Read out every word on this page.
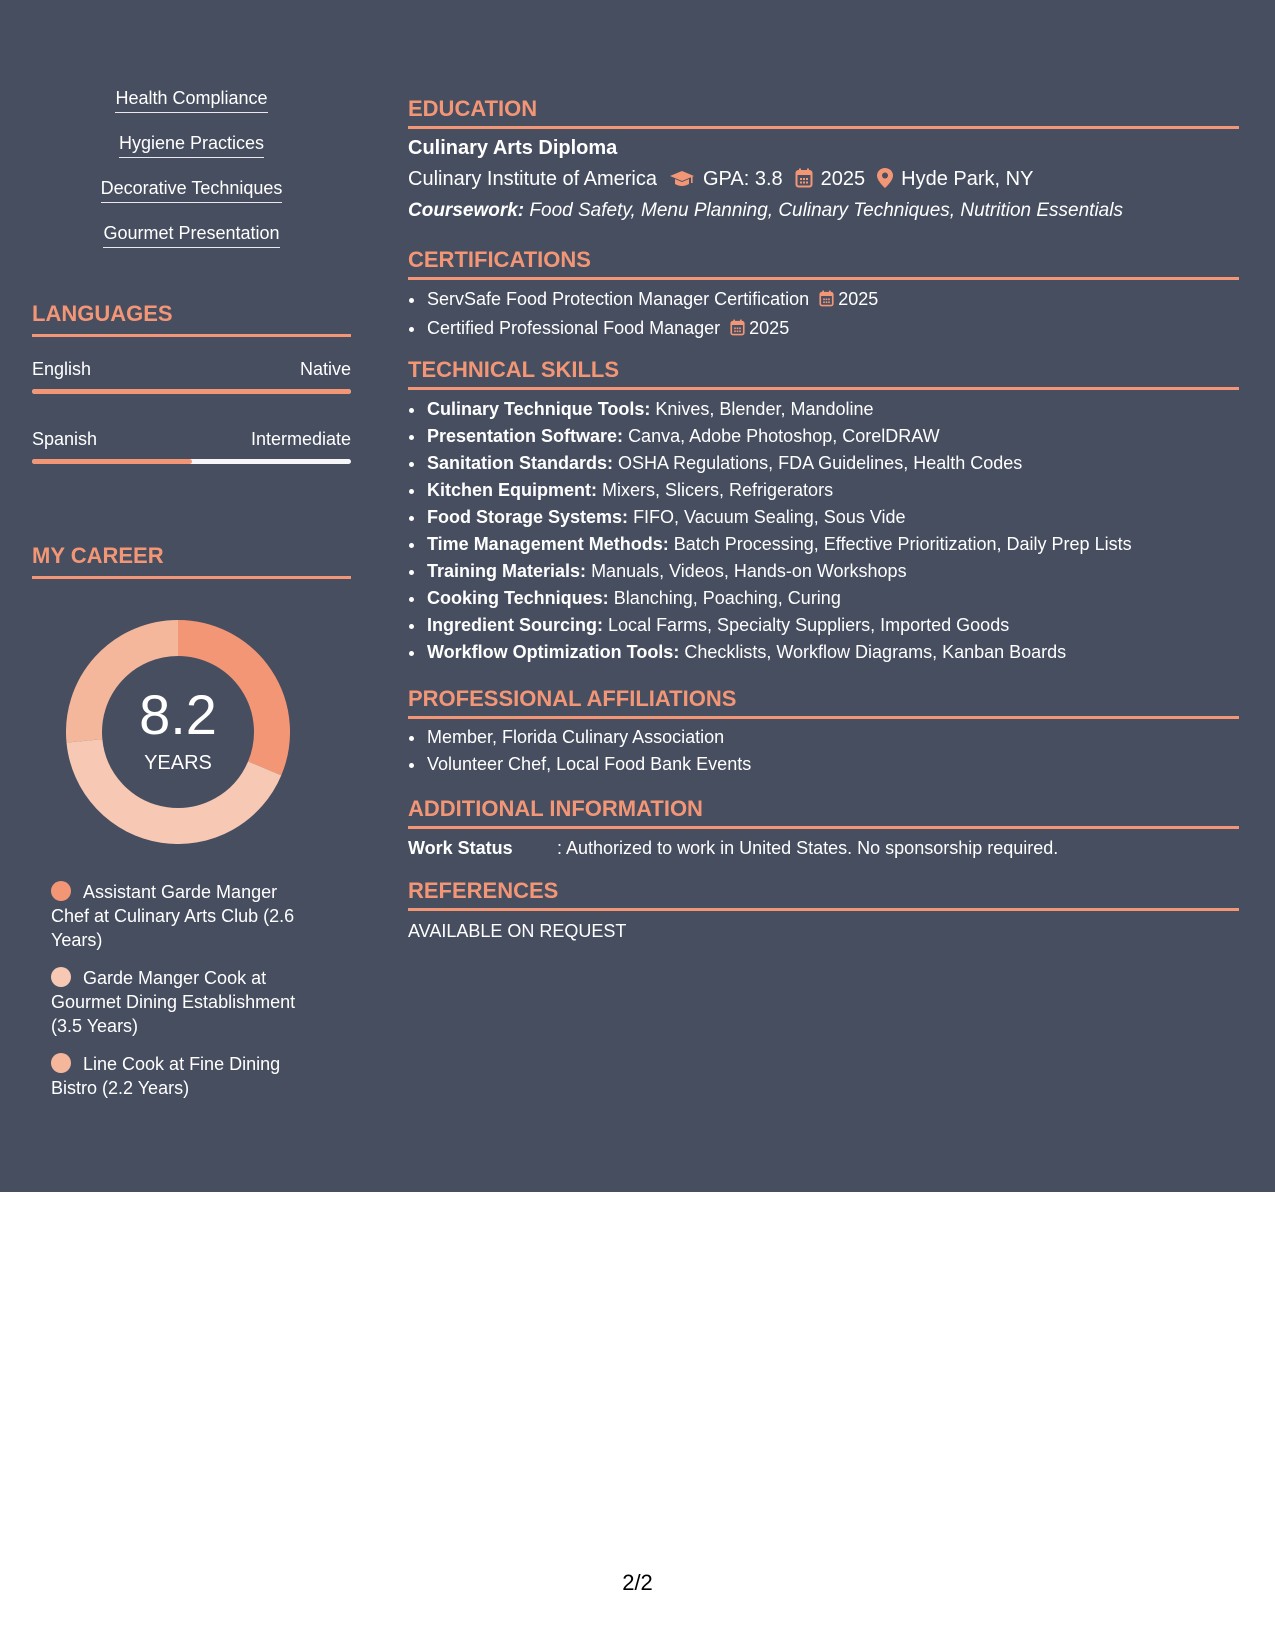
Health Compliance
Hygiene Practices
Decorative Techniques
Gourmet Presentation
LANGUAGES
English	Native
Spanish	Intermediate
MY CAREER
8.2
YEARS
Assistant Garde Manger Chef at Culinary Arts Club (2.6 Years)
Garde Manger Cook at Gourmet Dining Establishment (3.5 Years)
Line Cook at Fine Dining Bistro (2.2 Years)
EDUCATION
Culinary Arts Diploma
Culinary Institute of America GPA: 3.8 2025 Hyde Park, NY
Coursework: Food Safety, Menu Planning, Culinary Techniques, Nutrition Essentials
CERTIFICATIONS
• ServSafe Food Protection Manager Certification 2025
• Certified Professional Food Manager 2025
TECHNICAL SKILLS
• Culinary Technique Tools: Knives, Blender, Mandoline
• Presentation Software: Canva, Adobe Photoshop, CorelDRAW
• Sanitation Standards: OSHA Regulations, FDA Guidelines, Health Codes
• Kitchen Equipment: Mixers, Slicers, Refrigerators
• Food Storage Systems: FIFO, Vacuum Sealing, Sous Vide
• Time Management Methods: Batch Processing, Effective Prioritization, Daily Prep Lists
• Training Materials: Manuals, Videos, Hands-on Workshops
• Cooking Techniques: Blanching, Poaching, Curing
• Ingredient Sourcing: Local Farms, Specialty Suppliers, Imported Goods
• Workflow Optimization Tools: Checklists, Workflow Diagrams, Kanban Boards
PROFESSIONAL AFFILIATIONS
• Member, Florida Culinary Association
• Volunteer Chef, Local Food Bank Events
ADDITIONAL INFORMATION
Work Status : Authorized to work in United States. No sponsorship required.
REFERENCES
AVAILABLE ON REQUEST
2/2
